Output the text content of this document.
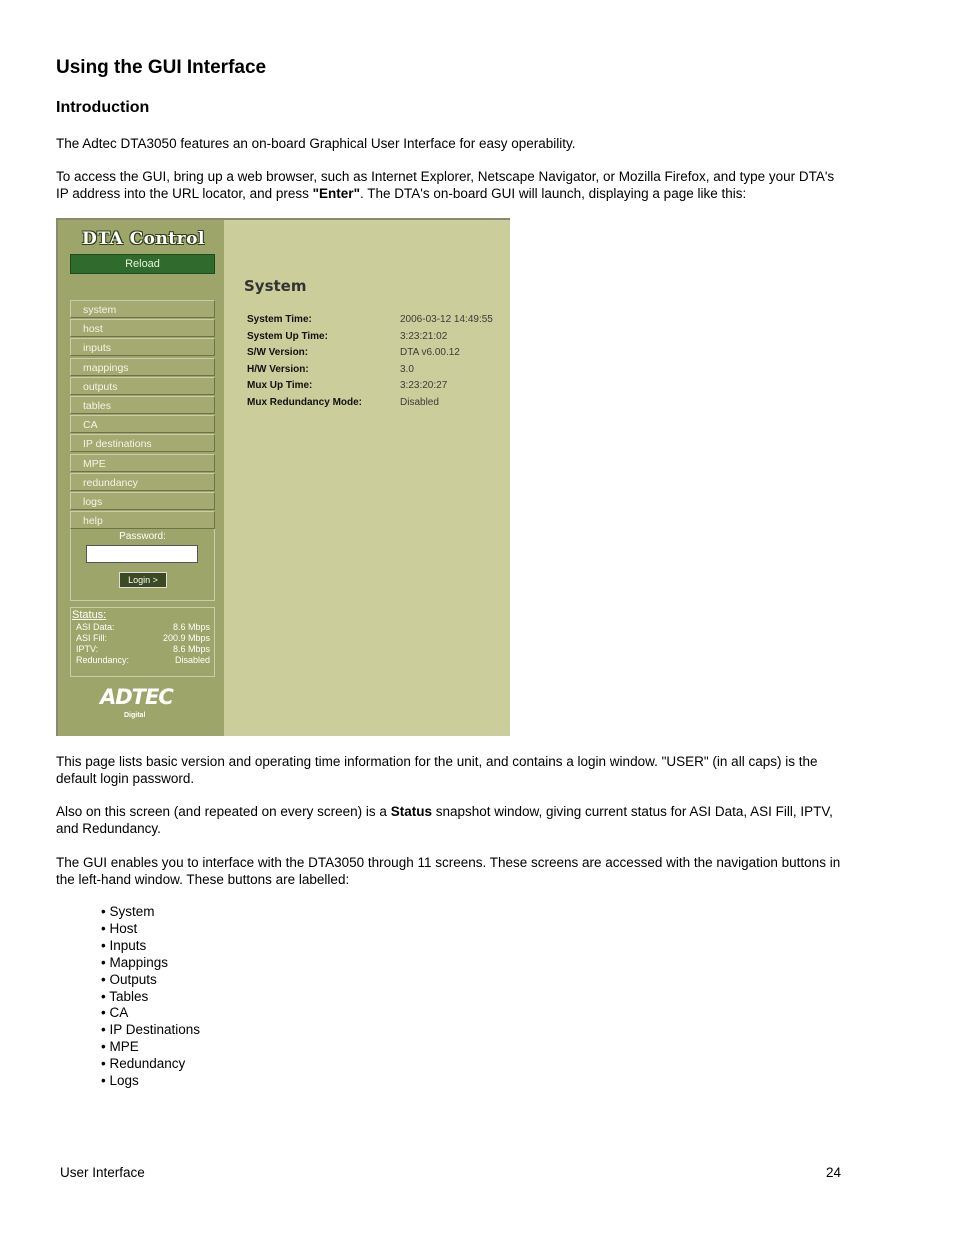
Using the GUI Interface
Introduction

The Adtec DTA3050 features an on-board Graphical User Interface for easy operability.

To access the GUI, bring up a web browser, such as Internet Explorer, Netscape Navigator, or Mozilla Firefox, and type your DTA's IP address into the URL locator, and press "Enter". The DTA's on-board GUI will launch, displaying a page like this:

This page lists basic version and operating time information for the unit, and contains a login window. "USER" (in all caps) is the default login password.

Also on this screen (and repeated on every screen) is a Status snapshot window, giving current status for ASI Data, ASI Fill, IPTV, and Redundancy.

The GUI enables you to interface with the DTA3050 through 11 screens. These screens are accessed with the navigation buttons in the left-hand window. These buttons are labelled:

• System
• Host
• Inputs
• Mappings
• Outputs
• Tables
• CA
• IP Destinations
• MPE
• Redundancy
• Logs
DTA Control
Reload
system
host
inputs
mappings
outputs
tables
CA
IP destinations
MPE
redundancy
logs
help
Password:
Login >
Status:
ASI Data:	8.6 Mbps
ASI Fill:	200.9 Mbps
IPTV:	8.6 Mbps
Redundancy:	Disabled
ADTEC
Digital
System
System Time:	2006-03-12 14:49:55
System Up Time:	3:23:21:02
S/W Version:	DTA v6.00.12
H/W Version:	3.0
Mux Up Time:	3:23:20:27
Mux Redundancy Mode:	Disabled
User Interface	24
